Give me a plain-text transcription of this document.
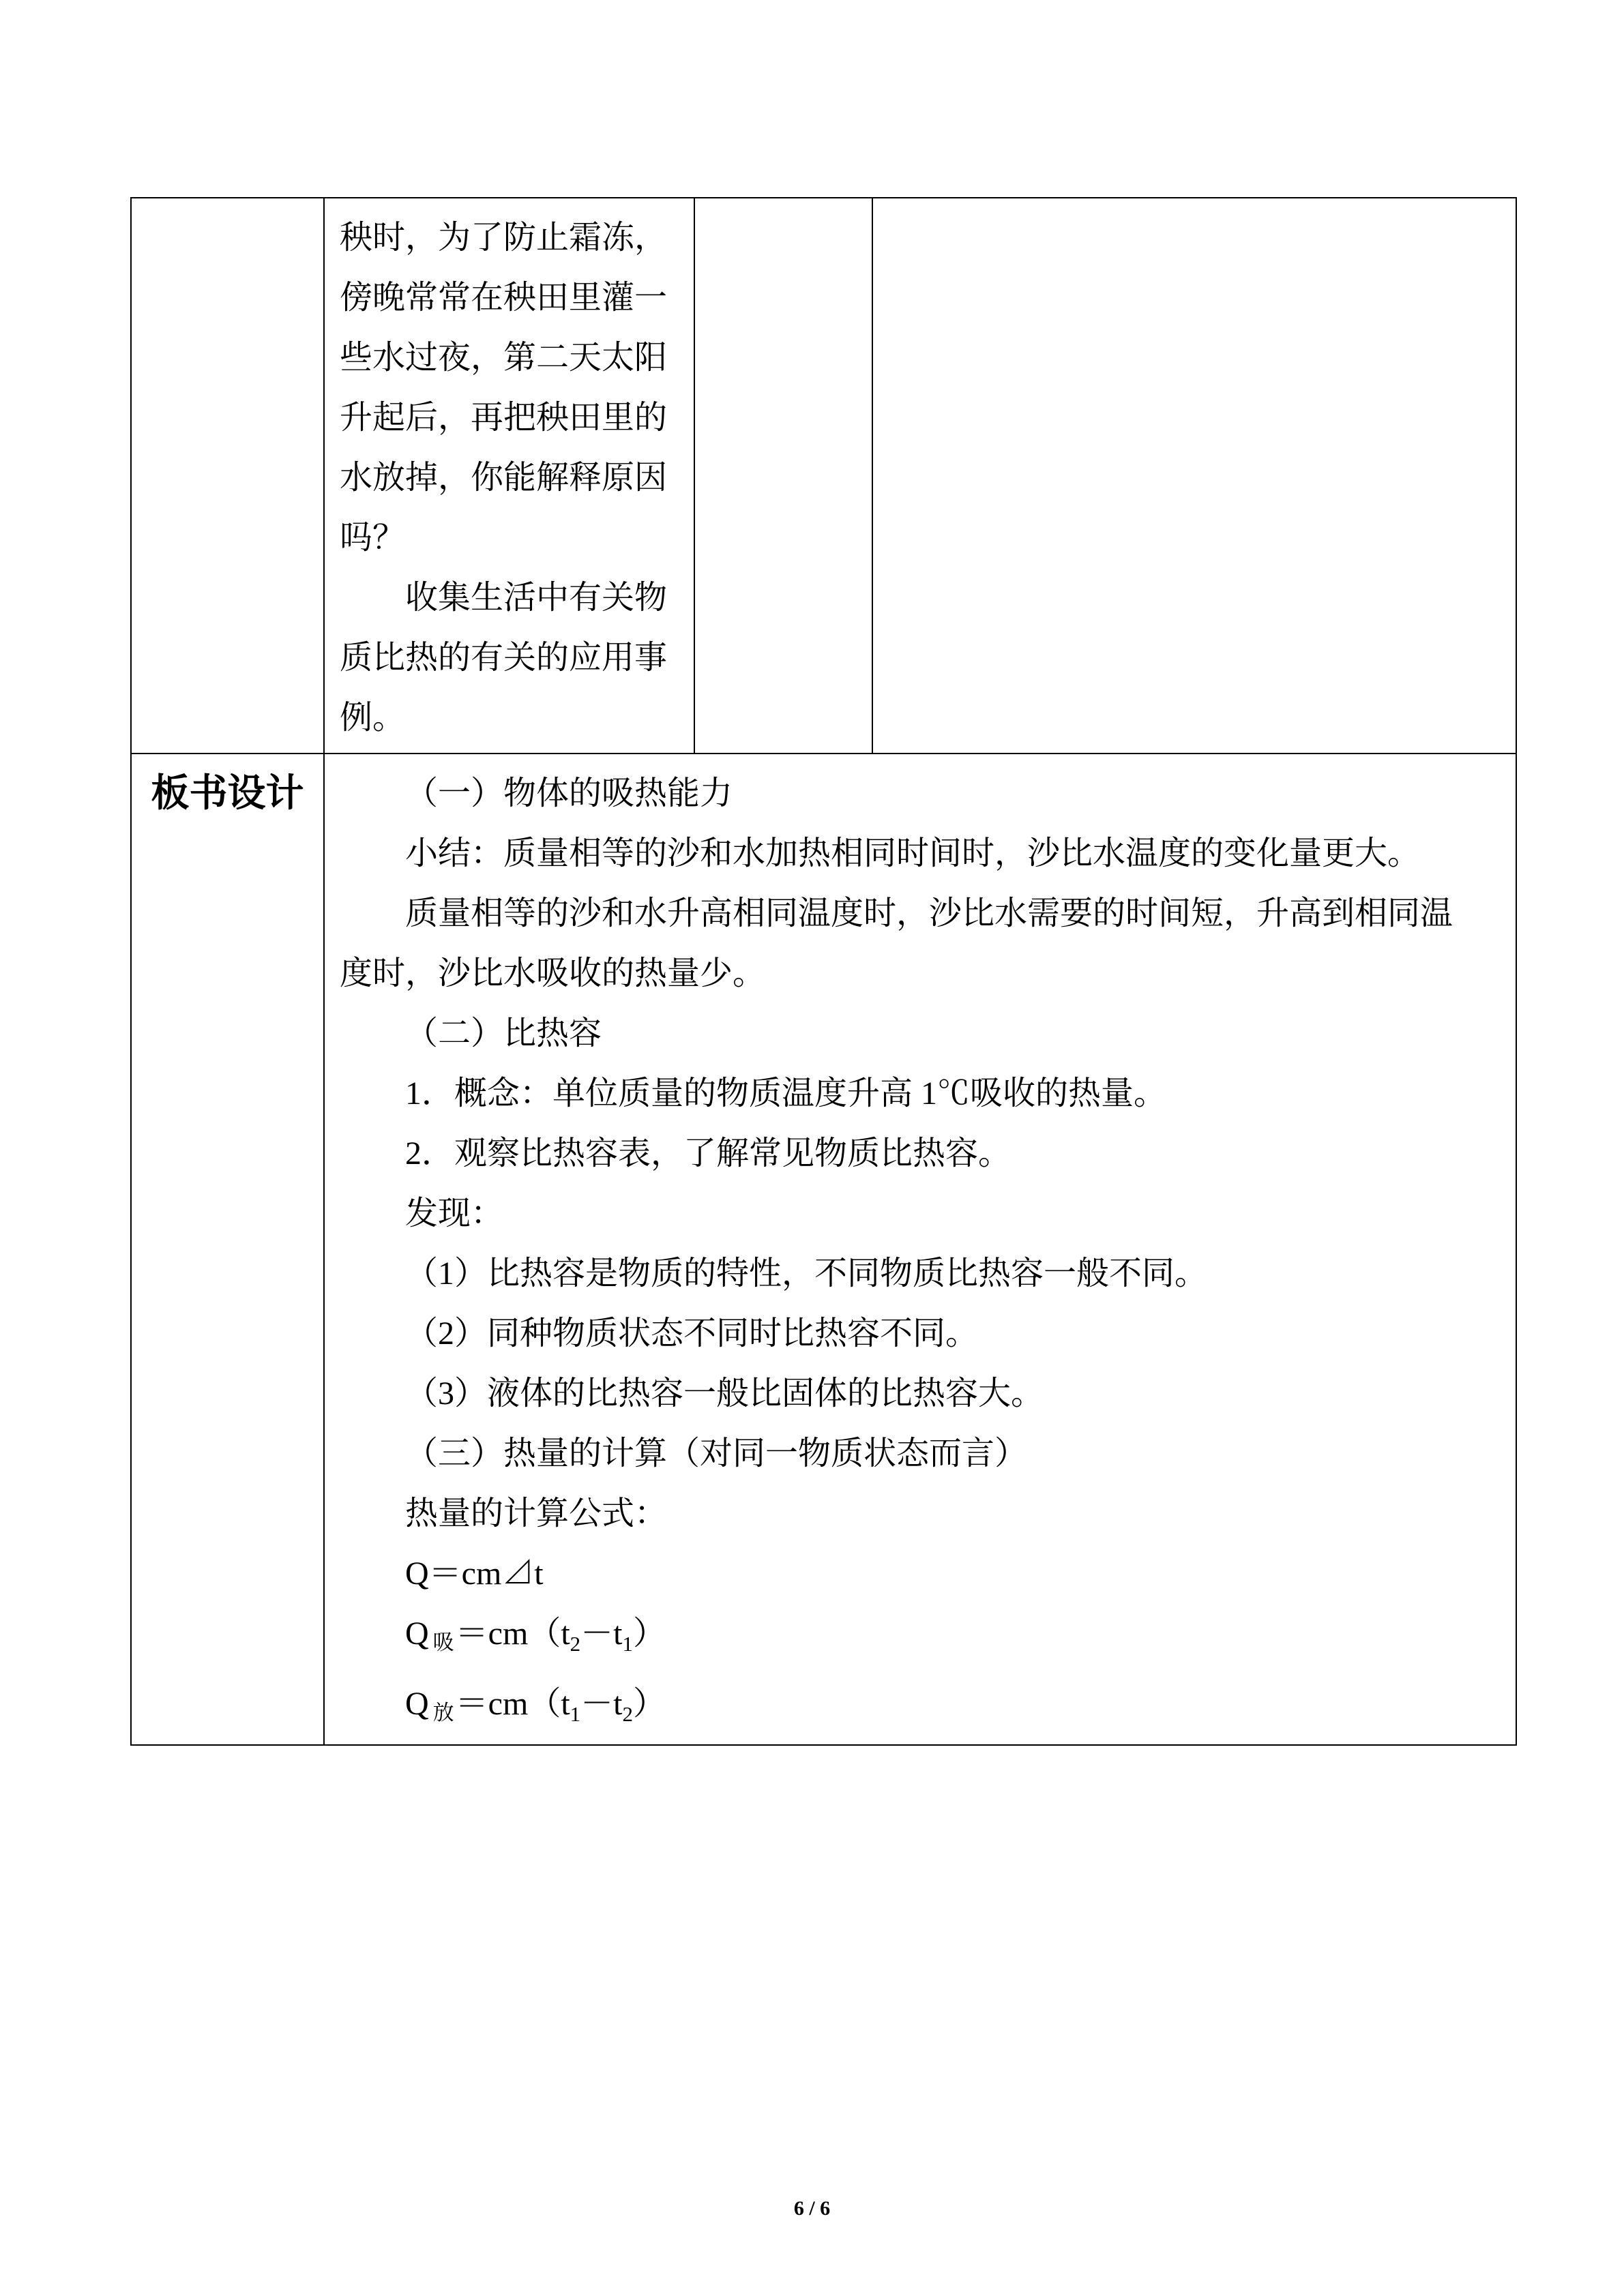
秧时，为了防止霜冻，
傍晚常常在秧田里灌一
些水过夜，第二天太阳
升起后，再把秧田里的
水放掉，你能解释原因
吗？
收集生活中有关物
质比热的有关的应用事
例。

板书设计	（一）物体的吸热能力
小结：质量相等的沙和水加热相同时间时，沙比水温度的变化量更大。
质量相等的沙和水升高相同温度时，沙比水需要的时间短，升高到相同温
度时，沙比水吸收的热量少。
（二）比热容
1．概念：单位质量的物质温度升高 1℃吸收的热量。
2．观察比热容表，了解常见物质比热容。
发现：
（1）比热容是物质的特性，不同物质比热容一般不同。
（2）同种物质状态不同时比热容不同。
（3）液体的比热容一般比固体的比热容大。
（三）热量的计算（对同一物质状态而言）
热量的计算公式：
Q＝cm⊿t
Q吸$=cm(t_2-t_1)$
Q放$=cm(t_1-t_2)$
6 / 6
